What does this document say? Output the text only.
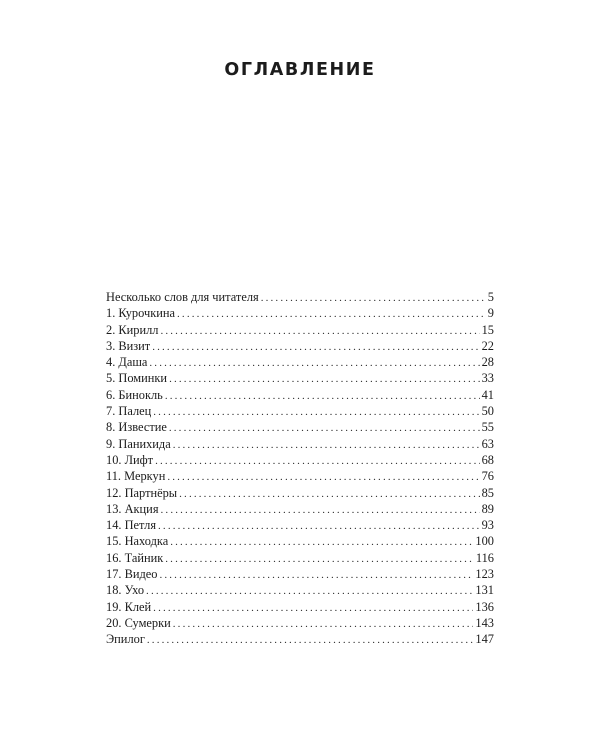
ОГЛАВЛЕНИЕ
Несколько слов для читателя . . .	5
1. Курочкина . . .	9
2. Кирилл . . .	15
3. Визит . . .	22
4. Даша . . .	28
5. Поминки . . .	33
6. Бинокль . . .	41
7. Палец . . .	50
8. Известие . . .	55
9. Панихида . . .	63
10. Лифт . . .	68
11. Меркун . . .	76
12. Партнёры . . .	85
13. Акция . . .	89
14. Петля . . .	93
15. Находка . . .	100
16. Тайник . . .	116
17. Видео . . .	123
18. Ухо . . .	131
19. Клей . . .	136
20. Сумерки . . .	143
Эпилог . . .	147
